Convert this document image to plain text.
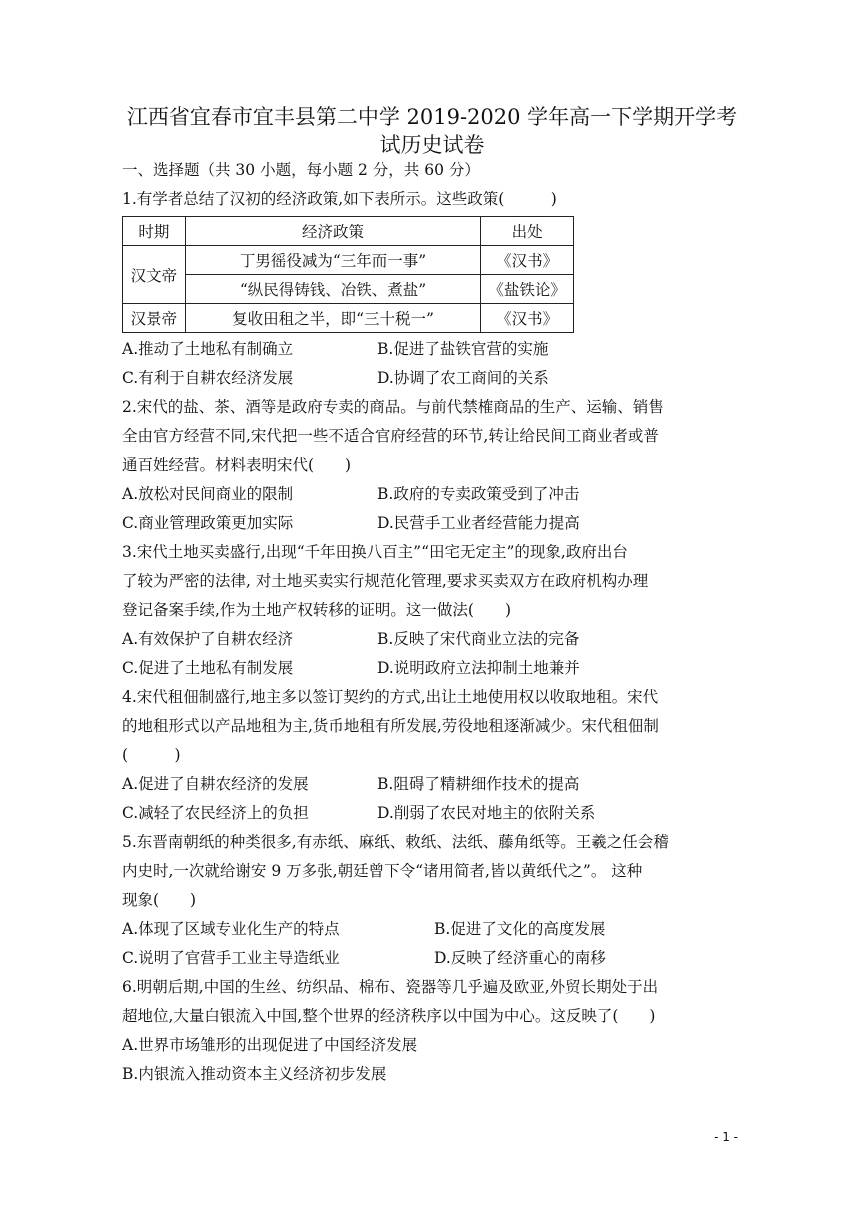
江西省宜春市宜丰县第二中学 2019-2020 学年高一下学期开学考
试历史试卷
一、选择题（共 30 小题，每小题 2 分，共 60 分）
1.有学者总结了汉初的经济政策,如下表所示。这些政策(　　　)
时期	经济政策	出处
汉文帝	丁男徭役减为“三年而一事”	《汉书》
	“纵民得铸钱、冶铁、煮盐”	《盐铁论》
汉景帝	复收田租之半，即“三十税一”	《汉书》
A.推动了土地私有制确立	B.促进了盐铁官营的实施
C.有利于自耕农经济发展	D.协调了农工商间的关系
2.宋代的盐、茶、酒等是政府专卖的商品。与前代禁榷商品的生产、运输、销售
全由官方经营不同,宋代把一些不适合官府经营的环节,转让给民间工商业者或普
通百姓经营。材料表明宋代(　　)
A.放松对民间商业的限制	B.政府的专卖政策受到了冲击
C.商业管理政策更加实际	D.民营手工业者经营能力提高
3.宋代土地买卖盛行,出现“千年田换八百主”“田宅无定主”的现象,政府出台
了较为严密的法律, 对土地买卖实行规范化管理,要求买卖双方在政府机构办理
登记备案手续,作为土地产权转移的证明。这一做法(　　)
A.有效保护了自耕农经济	B.反映了宋代商业立法的完备
C.促进了土地私有制发展	D.说明政府立法抑制土地兼并
4.宋代租佃制盛行,地主多以签订契约的方式,出让土地使用权以收取地租。宋代
的地租形式以产品地租为主,货币地租有所发展,劳役地租逐渐减少。宋代租佃制
(　　　)
A.促进了自耕农经济的发展	B.阻碍了精耕细作技术的提高
C.减轻了农民经济上的负担	D.削弱了农民对地主的依附关系
5.东晋南朝纸的种类很多,有赤纸、麻纸、敕纸、法纸、藤角纸等。王羲之任会稽
内史时,一次就给谢安 9 万多张,朝廷曾下令“诸用简者,皆以黄纸代之”。 这种
现象(　　)
A.体现了区域专业化生产的特点	B.促进了文化的高度发展
C.说明了官营手工业主导造纸业	D.反映了经济重心的南移
6.明朝后期,中国的生丝、纺织品、棉布、瓷器等几乎遍及欧亚,外贸长期处于出
超地位,大量白银流入中国,整个世界的经济秩序以中国为中心。这反映了(　　)
A.世界市场雏形的出现促进了中国经济发展
B.内银流入推动资本主义经济初步发展
- 1 -
